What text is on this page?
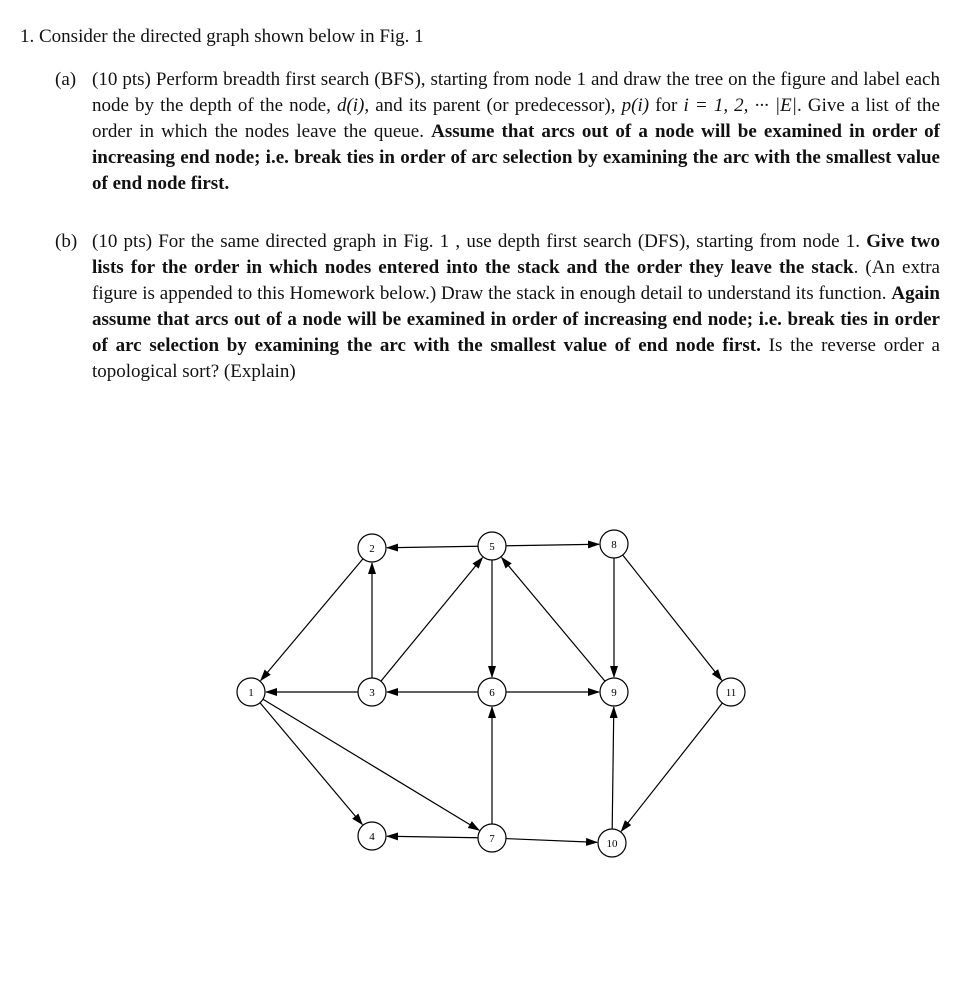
1. Consider the directed graph shown below in Fig. 1
(a) (10 pts) Perform breadth first search (BFS), starting from node 1 and draw the tree on the figure and label each node by the depth of the node, d(i), and its parent (or predecessor), p(i) for i = 1, 2, ··· |E|. Give a list of the order in which the nodes leave the queue. Assume that arcs out of a node will be examined in order of increasing end node; i.e. break ties in order of arc selection by examining the arc with the smallest value of end node first.
(b) (10 pts) For the same directed graph in Fig. 1 , use depth first search (DFS), starting from node 1. Give two lists for the order in which nodes entered into the stack and the order they leave the stack. (An extra figure is appended to this Homework below.) Draw the stack in enough detail to understand its function. Again assume that arcs out of a node will be examined in order of increasing end node; i.e. break ties in order of arc selection by examining the arc with the smallest value of end node first. Is the reverse order a topological sort? (Explain)
1
2
3
4
5
6
7
8
9
10
11
